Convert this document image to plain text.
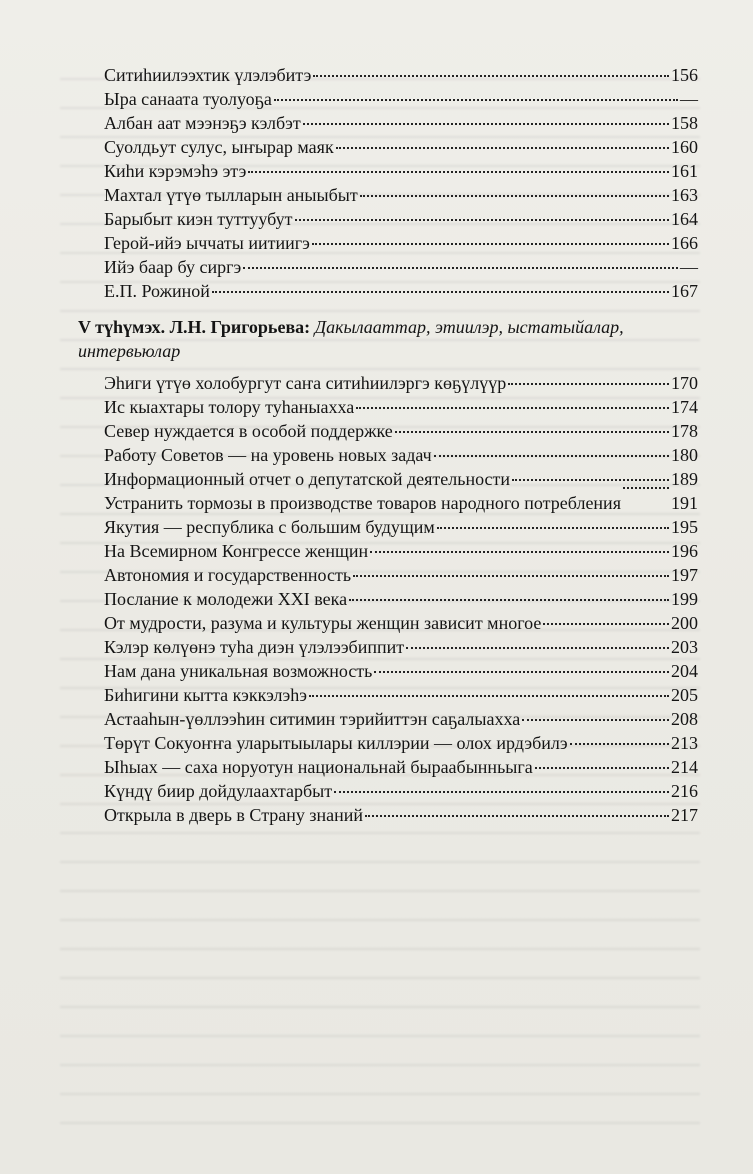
Ситиһиилээхтик үлэлэбитэ	156
Ыра санаата туолуоҕа	—
Албан аат мээнэҕэ кэлбэт	158
Суолдьут сулус, ыҥырар маяк	160
Киһи кэрэмэһэ этэ	161
Махтал үтүө тылларын аныыбыт	163
Барыбыт киэн туттуубут	164
Герой-ийэ ыччаты иитиигэ	166
Ийэ баар бу сиргэ	—
Е.П. Рожиной	167
V түһүмэх. Л.Н. Григорьева: Дакылааттар, этиилэр, ыстатыйалар, интервьюлар
Эһиги үтүө холобургут саҥа ситиһиилэргэ көҕүлүүр	170
Ис кыахтары толору туһаныахха	174
Север нуждается в особой поддержке	178
Работу Советов — на уровень новых задач	180
Информационный отчет о депутатской деятельности	189
Устранить тормозы в производстве товаров народного потребления	191
Якутия — республика с большим будущим	195
На Всемирном Конгрессе женщин	196
Автономия и государственность	197
Послание к молодежи XXI века	199
От мудрости, разума и культуры женщин зависит многое	200
Кэлэр көлүөнэ туһа диэн үлэлээбиппит	203
Нам дана уникальная возможность	204
Биһигини кытта кэккэлэһэ	205
Астааһын-үөллээһин ситимин тэрийиттэн саҕалыахха	208
Төрүт Сокуоҥҥа уларытыылары киллэрии — олох ирдэбилэ	213
Ыһыах — саха норуотун национальнай быраабынньыга	214
Күндү биир дойдулаахтарбыт	216
Открыла в дверь в Страну знаний	217
